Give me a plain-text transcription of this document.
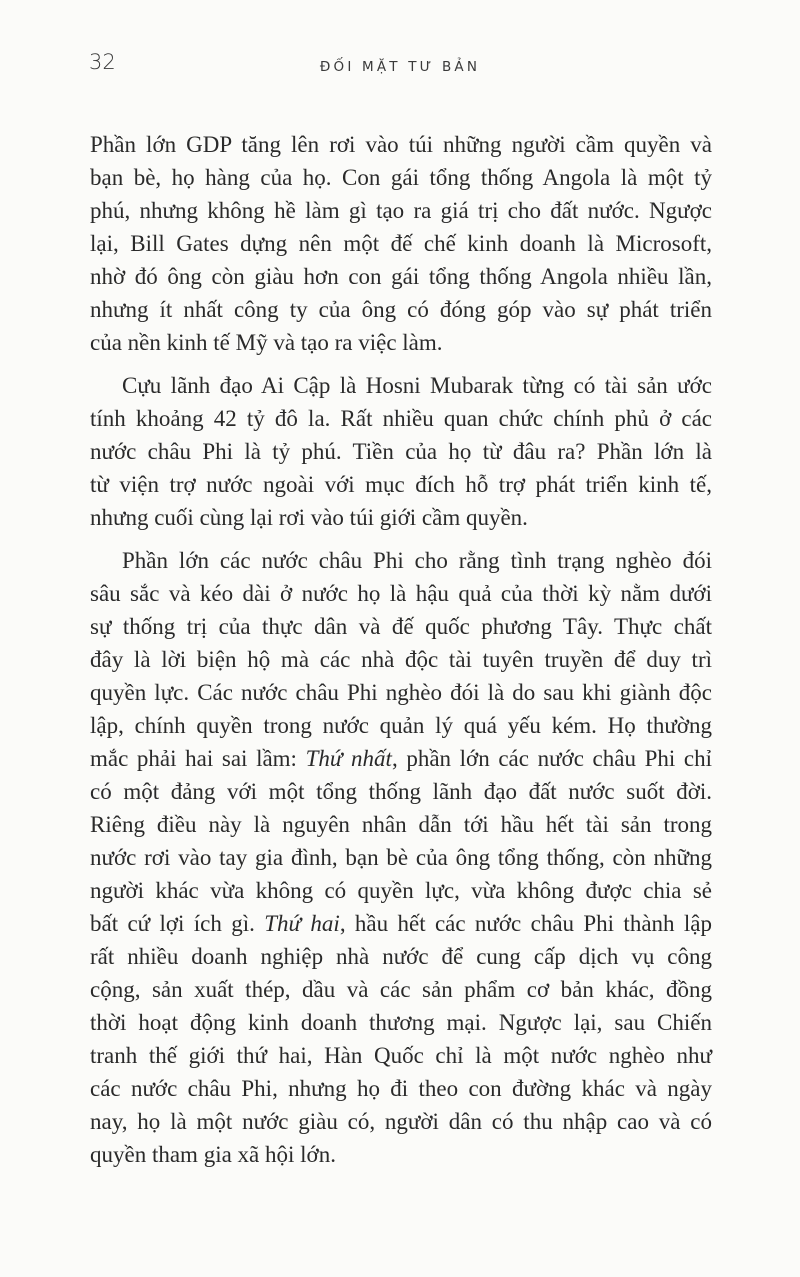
32	ĐỐI MẶT TƯ BẢN
Phần lớn GDP tăng lên rơi vào túi những người cầm quyền và
bạn bè, họ hàng của họ. Con gái tổng thống Angola là một tỷ
phú, nhưng không hề làm gì tạo ra giá trị cho đất nước. Ngược
lại, Bill Gates dựng nên một đế chế kinh doanh là Microsoft,
nhờ đó ông còn giàu hơn con gái tổng thống Angola nhiều lần,
nhưng ít nhất công ty của ông có đóng góp vào sự phát triển
của nền kinh tế Mỹ và tạo ra việc làm.
Cựu lãnh đạo Ai Cập là Hosni Mubarak từng có tài sản ước
tính khoảng 42 tỷ đô la. Rất nhiều quan chức chính phủ ở các
nước châu Phi là tỷ phú. Tiền của họ từ đâu ra? Phần lớn là
từ viện trợ nước ngoài với mục đích hỗ trợ phát triển kinh tế,
nhưng cuối cùng lại rơi vào túi giới cầm quyền.
Phần lớn các nước châu Phi cho rằng tình trạng nghèo đói
sâu sắc và kéo dài ở nước họ là hậu quả của thời kỳ nằm dưới
sự thống trị của thực dân và đế quốc phương Tây. Thực chất
đây là lời biện hộ mà các nhà độc tài tuyên truyền để duy trì
quyền lực. Các nước châu Phi nghèo đói là do sau khi giành độc
lập, chính quyền trong nước quản lý quá yếu kém. Họ thường
mắc phải hai sai lầm: Thứ nhất, phần lớn các nước châu Phi chỉ
có một đảng với một tổng thống lãnh đạo đất nước suốt đời.
Riêng điều này là nguyên nhân dẫn tới hầu hết tài sản trong
nước rơi vào tay gia đình, bạn bè của ông tổng thống, còn những
người khác vừa không có quyền lực, vừa không được chia sẻ
bất cứ lợi ích gì. Thứ hai, hầu hết các nước châu Phi thành lập
rất nhiều doanh nghiệp nhà nước để cung cấp dịch vụ công
cộng, sản xuất thép, dầu và các sản phẩm cơ bản khác, đồng
thời hoạt động kinh doanh thương mại. Ngược lại, sau Chiến
tranh thế giới thứ hai, Hàn Quốc chỉ là một nước nghèo như
các nước châu Phi, nhưng họ đi theo con đường khác và ngày
nay, họ là một nước giàu có, người dân có thu nhập cao và có
quyền tham gia xã hội lớn.
